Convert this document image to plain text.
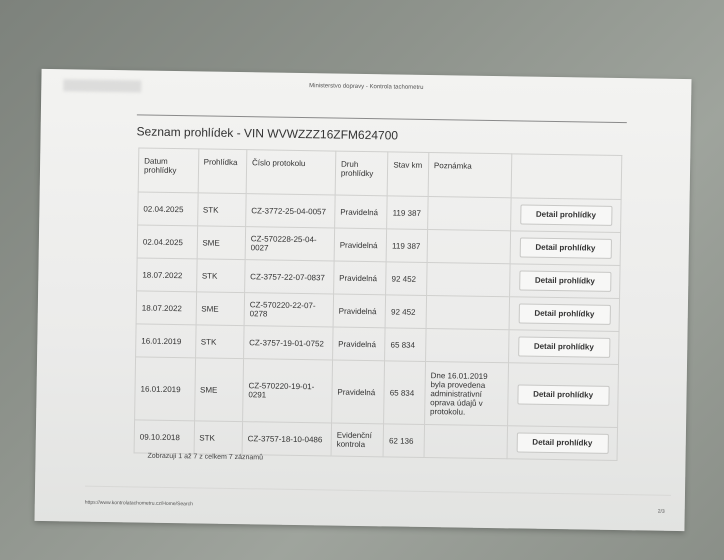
Ministerstvo dopravy - Kontrola tachometru
Seznam prohlídek - VIN WVWZZZ16ZFM624700
Datum prohlídky	Prohlídka	Číslo protokolu	Druh prohlídky	Stav km	Poznámka	
02.04.2025	STK	CZ-3772-25-04-0057	Pravidelná	119 387		Detail prohlídky

02.04.2025	SME	CZ-570228-25-04-0027	Pravidelná	119 387		Detail prohlídky

18.07.2022	STK	CZ-3757-22-07-0837	Pravidelná	92 452		Detail prohlídky

18.07.2022	SME	CZ-570220-22-07-0278	Pravidelná	92 452		Detail prohlídky

16.01.2019	STK	CZ-3757-19-01-0752	Pravidelná	65 834		Detail prohlídky

16.01.2019	SME	CZ-570220-19-01-0291	Pravidelná	65 834	Dne 16.01.2019 byla provedena administrativní oprava údajů v protokolu.	Detail prohlídky

09.10.2018	STK	CZ-3757-18-10-0486	Evidenční kontrola	62 136		Detail prohlídky
Zobrazuji 1 až 7 z celkem 7 záznamů
https://www.kontrolatachometru.cz/Home/Search
2/3
